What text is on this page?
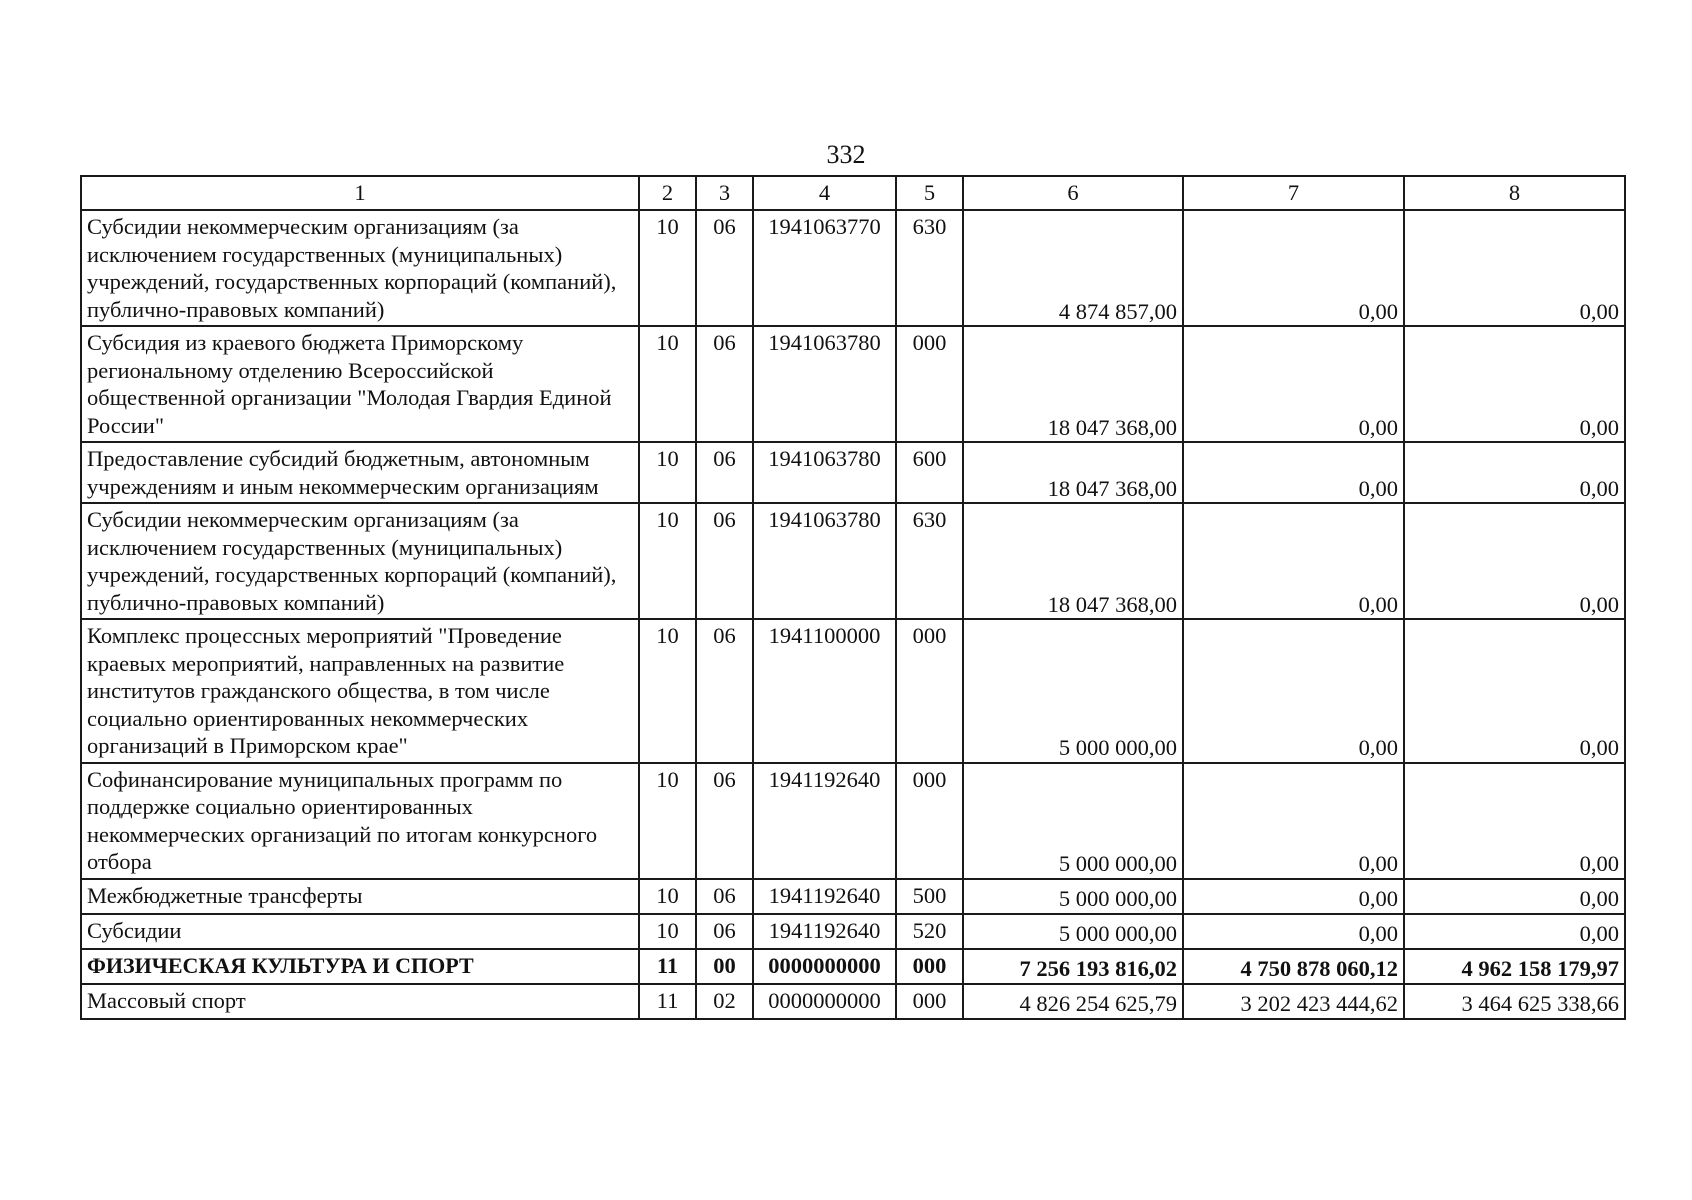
332
1	2	3	4	5	6	7	8
Субсидии некоммерческим организациям (за исключением государственных (муниципальных) учреждений, государственных корпораций (компаний), публично-правовых компаний)	10	06	1941063770	630	4 874 857,00	0,00	0,00
Субсидия из краевого бюджета Приморскому региональному отделению Всероссийской общественной организации "Молодая Гвардия Единой России"	10	06	1941063780	000	18 047 368,00	0,00	0,00
Предоставление субсидий бюджетным, автономным учреждениям и иным некоммерческим организациям	10	06	1941063780	600	18 047 368,00	0,00	0,00
Субсидии некоммерческим организациям (за исключением государственных (муниципальных) учреждений, государственных корпораций (компаний), публично-правовых компаний)	10	06	1941063780	630	18 047 368,00	0,00	0,00
Комплекс процессных мероприятий "Проведение краевых мероприятий, направленных на развитие институтов гражданского общества, в том числе социально ориентированных некоммерческих организаций в Приморском крае"	10	06	1941100000	000	5 000 000,00	0,00	0,00
Софинансирование муниципальных программ по поддержке социально ориентированных некоммерческих организаций по итогам конкурсного отбора	10	06	1941192640	000	5 000 000,00	0,00	0,00
Межбюджетные трансферты	10	06	1941192640	500	5 000 000,00	0,00	0,00
Субсидии	10	06	1941192640	520	5 000 000,00	0,00	0,00
ФИЗИЧЕСКАЯ КУЛЬТУРА И СПОРТ	11	00	0000000000	000	7 256 193 816,02	4 750 878 060,12	4 962 158 179,97
Массовый спорт	11	02	0000000000	000	4 826 254 625,79	3 202 423 444,62	3 464 625 338,66
